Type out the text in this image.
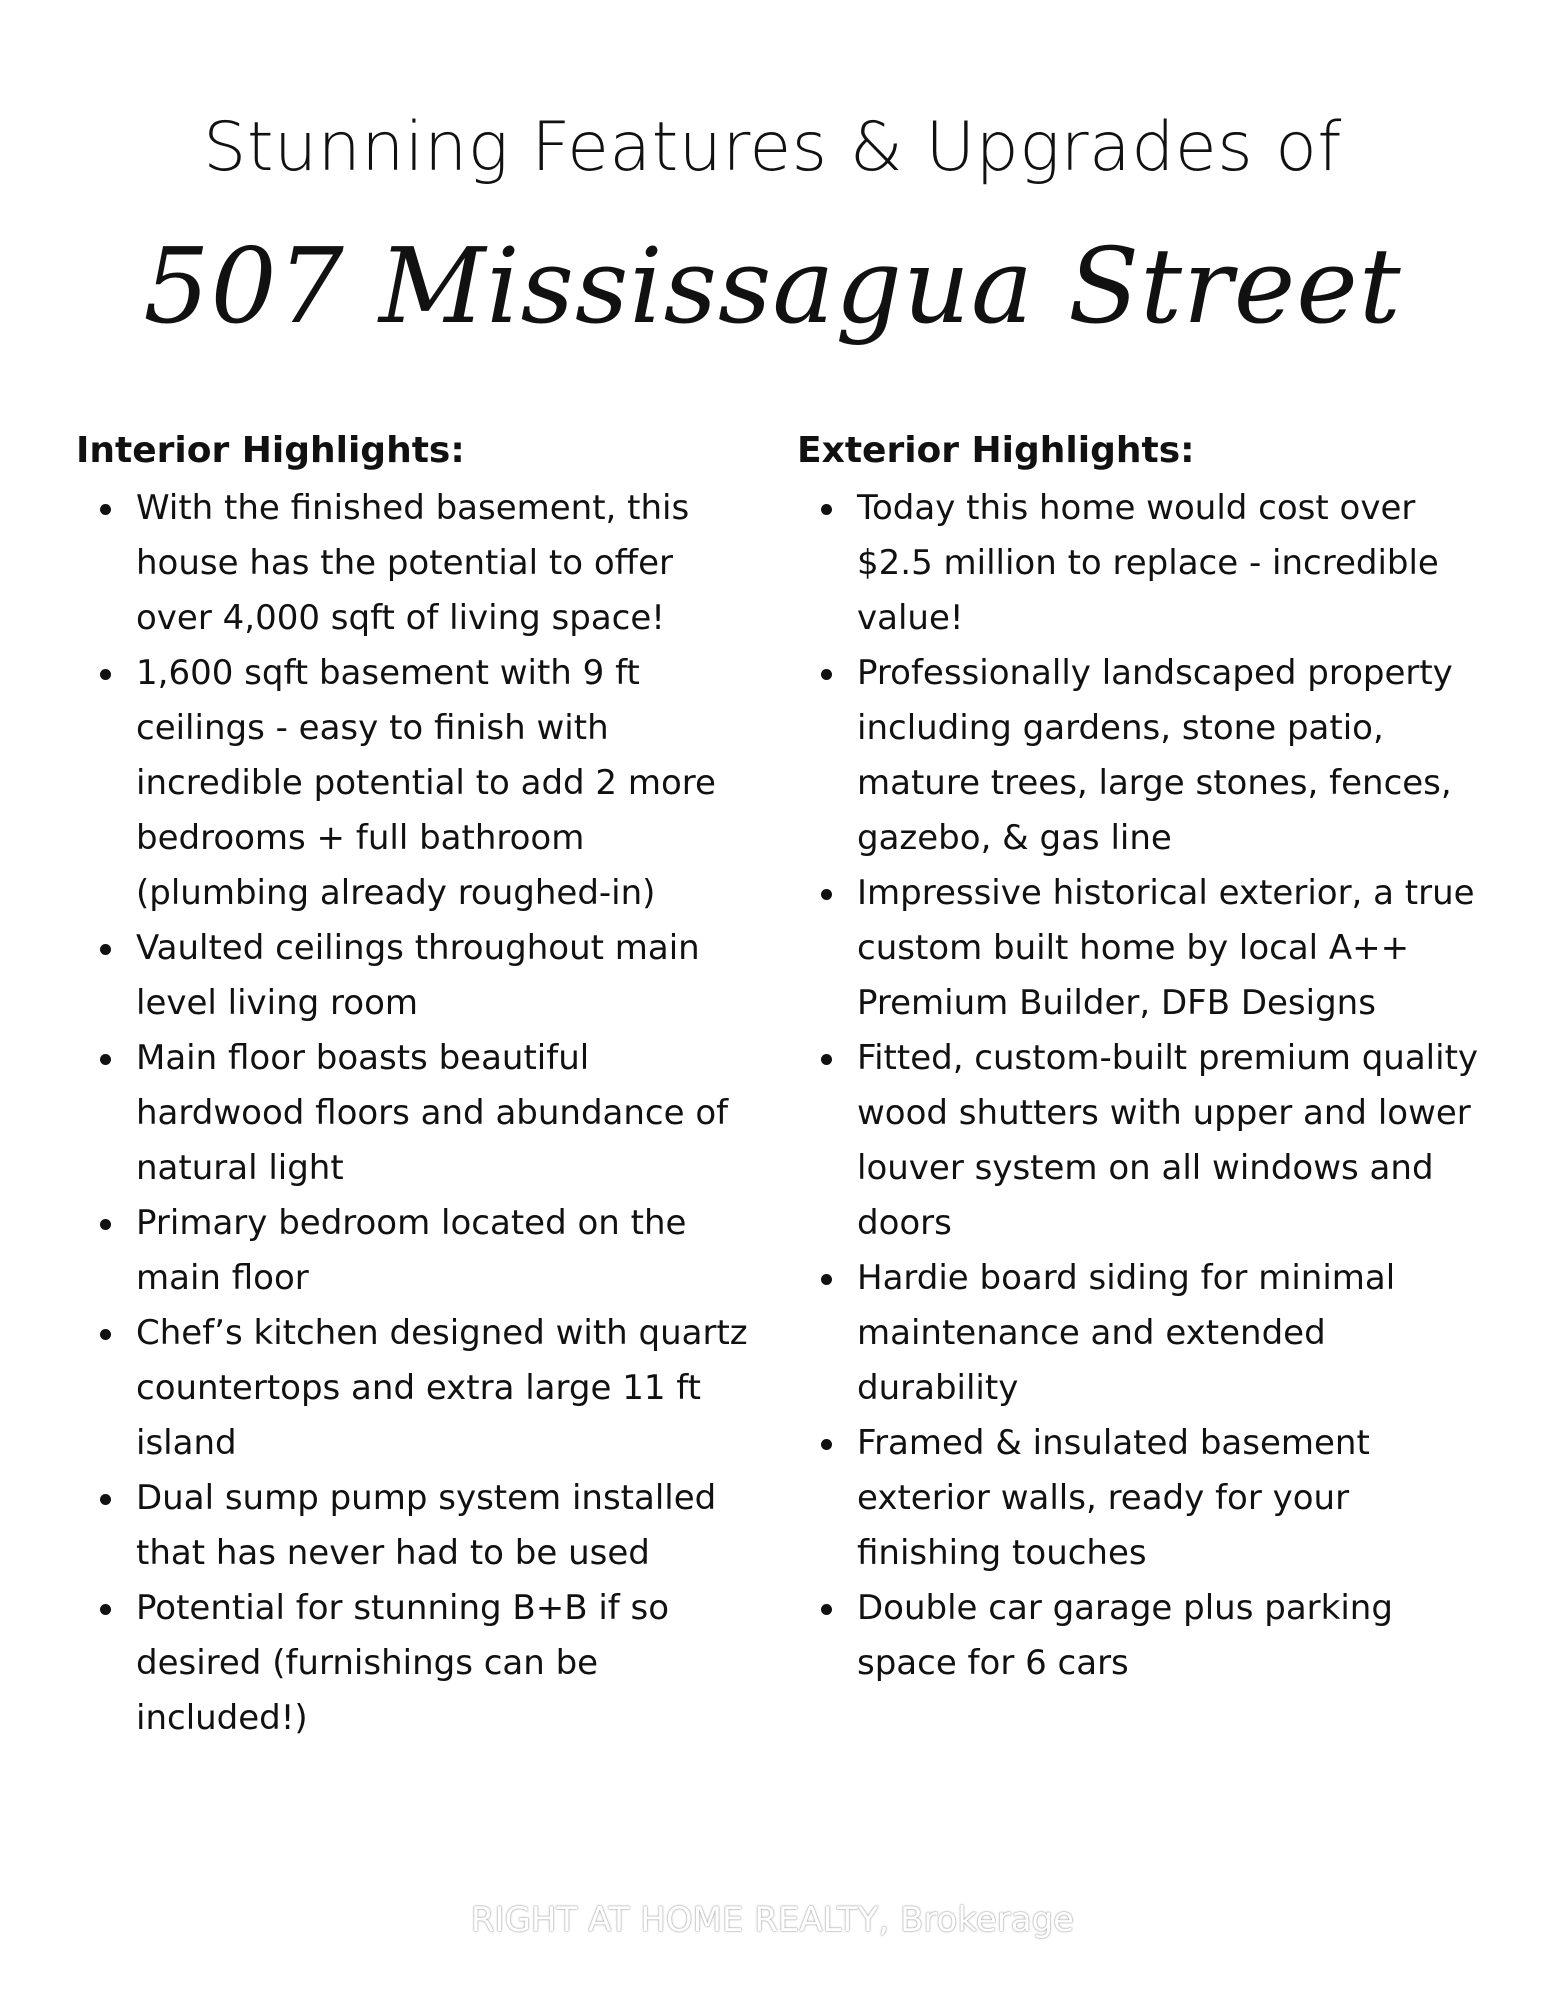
Stunning Features & Upgrades of
507 Mississagua Street
Interior Highlights:
With the finished basement, this house has the potential to offer over 4,000 sqft of living space!
1,600 sqft basement with 9 ft ceilings - easy to finish with incredible potential to add 2 more bedrooms + full bathroom (plumbing already roughed-in)
Vaulted ceilings throughout main level living room
Main floor boasts beautiful hardwood floors and abundance of natural light
Primary bedroom located on the main floor
Chef’s kitchen designed with quartz countertops and extra large 11 ft island
Dual sump pump system installed that has never had to be used
Potential for stunning B+B if so desired (furnishings can be included!)
Exterior Highlights:
Today this home would cost over $2.5 million to replace - incredible value!
Professionally landscaped property including gardens, stone patio, mature trees, large stones, fences, gazebo, & gas line
Impressive historical exterior, a true custom built home by local A++ Premium Builder, DFB Designs
Fitted, custom-built premium quality wood shutters with upper and lower louver system on all windows and doors
Hardie board siding for minimal maintenance and extended durability
Framed & insulated basement exterior walls, ready for your finishing touches
Double car garage plus parking space for 6 cars
RIGHT AT HOME REALTY, Brokerage
